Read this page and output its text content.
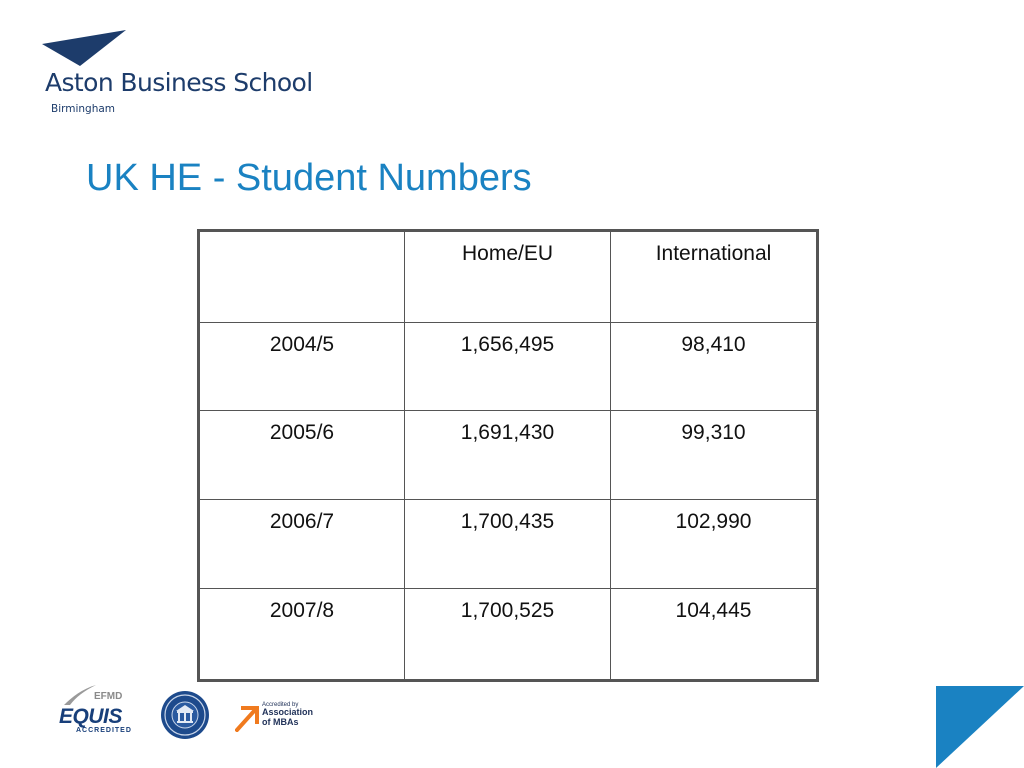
Aston Business School

Birmingham

UK HE - Student Numbers
	Home/EU	International
2004/5	1,656,495	98,410
2005/6	1,691,430	99,310
2006/7	1,700,435	102,990
2007/8	1,700,525	104,445
EFMD
EQUIS
ACCREDITED
Accredited by
Association
of MBAs
